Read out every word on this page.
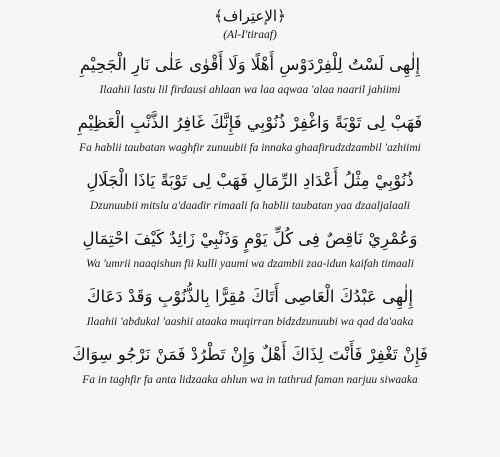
﴿الإعتِراف﴾
(Al-I'tiraaf)
إِلٰهِى لَسْتُ لِلْفِرْدَوْسِ أَهْلًا وَلَا أَقْوٰى عَلٰى نَارِ الْجَحِيْمِ
Ilaahii lastu lil firdausi ahlaan wa laa aqwaa 'alaa naaril jahiimi
فَهَبْ لِى تَوْبَةً وَاغْفِرْ ذُنُوْبِي فَإِنَّكَ غَافِرُ الذَّنْبِ الْعَظِيْمِ
Fa hablii taubatan waghfir zunuubii fa innaka ghaafirudzdzambil 'azhiimi
ذُنُوْبِيْ مِثْلُ أَعْدَادِ الرِّمَالِ فَهَبْ لِى تَوْبَةً يَاذَا الْجَلَالِ
Dzunuubii mitslu a'daadir rimaali fa hablii taubatan yaa dzaaljalaali
وَعُمْرِيْ نَاقِصٌ فِى كُلِّ يَوْمٍ وَذَنْبِيْ زَائِدٌ كَيْفَ احْتِمَالِ
Wa 'umrii naaqishun fii kulli yaumi wa dzambii zaa-idun kaifah timaali
إِلٰهِى عَبْدُكَ الْعَاصِى أَتَاكَ مُقِرًّا بِالذُّنُوْبِ وَقَدْ دَعَاكَ
Ilaahii 'abdukal 'aashii ataaka muqirran bidzdzunuubi wa qad da'aaka
فَإِنْ تَغْفِرْ فَأَنْتَ لِذَاكَ أَهْلٌ وَإِنْ تَطْرُدْ فَمَنْ نَرْجُو سِوَاكَ
Fa in taghfir fa anta lidzaaka ahlun wa in tathrud faman narjuu siwaaka
